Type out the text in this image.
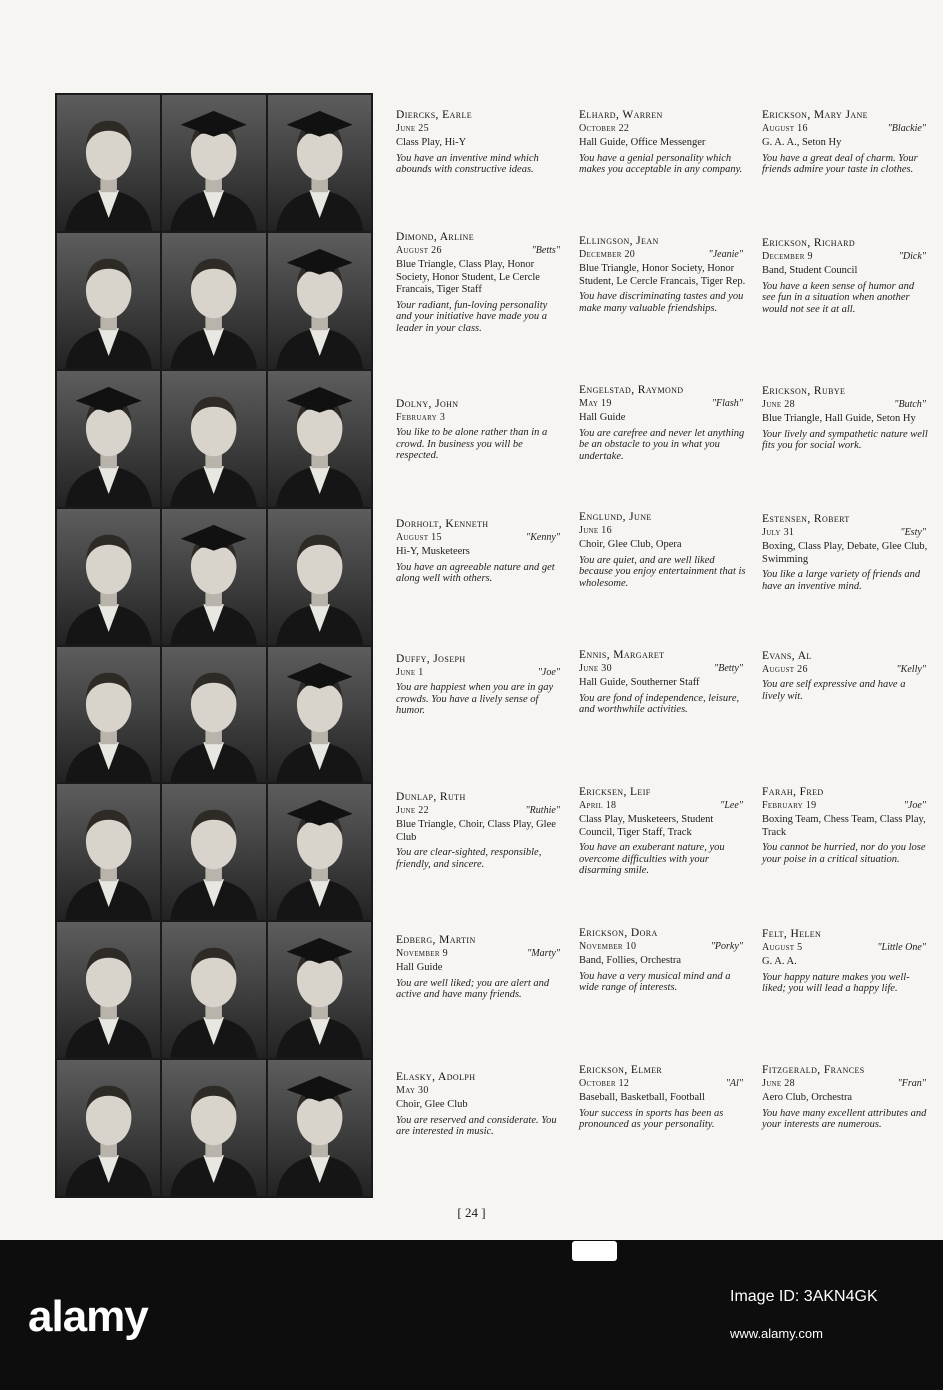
Diercks, Earle
June 25
Class Play, Hi-Y
You have an inventive mind which abounds with constructive ideas.
Dimond, Arline
August 26	"Betts"
Blue Triangle, Class Play, Honor Society, Honor Student, Le Cercle Francais, Tiger Staff
Your radiant, fun-loving personality and your initiative have made you a leader in your class.
Dolny, John
February 3
You like to be alone rather than in a crowd. In business you will be respected.
Dorholt, Kenneth
August 15	"Kenny"
Hi-Y, Musketeers
You have an agreeable nature and get along well with others.
Duffy, Joseph
June 1	"Joe"
You are happiest when you are in gay crowds. You have a lively sense of humor.
Dunlap, Ruth
June 22	"Ruthie"
Blue Triangle, Choir, Class Play, Glee Club
You are clear-sighted, responsible, friendly, and sincere.
Edberg, Martin
November 9	"Marty"
Hall Guide
You are well liked; you are alert and active and have many friends.
Elasky, Adolph
May 30
Choir, Glee Club
You are reserved and considerate. You are interested in music.
Elhard, Warren
October 22
Hall Guide, Office Messenger
You have a genial personality which makes you acceptable in any company.
Ellingson, Jean
December 20	"Jeanie"
Blue Triangle, Honor Society, Honor Student, Le Cercle Francais, Tiger Rep.
You have discriminating tastes and you make many valuable friendships.
Engelstad, Raymond
May 19	"Flash"
Hall Guide
You are carefree and never let anything be an obstacle to you in what you undertake.
Englund, June
June 16
Choir, Glee Club, Opera
You are quiet, and are well liked because you enjoy entertainment that is wholesome.
Ennis, Margaret
June 30	"Betty"
Hall Guide, Southerner Staff
You are fond of independence, leisure, and worthwhile activities.
Ericksen, Leif
April 18	"Lee"
Class Play, Musketeers, Student Council, Tiger Staff, Track
You have an exuberant nature, you overcome difficulties with your disarming smile.
Erickson, Dora
November 10	"Porky"
Band, Follies, Orchestra
You have a very musical mind and a wide range of interests.
Erickson, Elmer
October 12	"Al"
Baseball, Basketball, Football
Your success in sports has been as pronounced as your personality.
Erickson, Mary Jane
August 16	"Blackie"
G. A. A., Seton Hy
You have a great deal of charm. Your friends admire your taste in clothes.
Erickson, Richard
December 9	"Dick"
Band, Student Council
You have a keen sense of humor and see fun in a situation when another would not see it at all.
Erickson, Rubye
June 28	"Butch"
Blue Triangle, Hall Guide, Seton Hy
Your lively and sympathetic nature well fits you for social work.
Estensen, Robert
July 31	"Esty"
Boxing, Class Play, Debate, Glee Club, Swimming
You like a large variety of friends and have an inventive mind.
Evans, Al
August 26	"Kelly"
You are self expressive and have a lively wit.
Farah, Fred
February 19	"Joe"
Boxing Team, Chess Team, Class Play, Track
You cannot be hurried, nor do you lose your poise in a critical situation.
Felt, Helen
August 5	"Little One"
G. A. A.
Your happy nature makes you well-liked; you will lead a happy life.
Fitzgerald, Frances
June 28	"Fran"
Aero Club, Orchestra
You have many excellent attributes and your interests are numerous.
[ 24 ]
alamy	Image ID: 3AKN4GK
www.alamy.com
